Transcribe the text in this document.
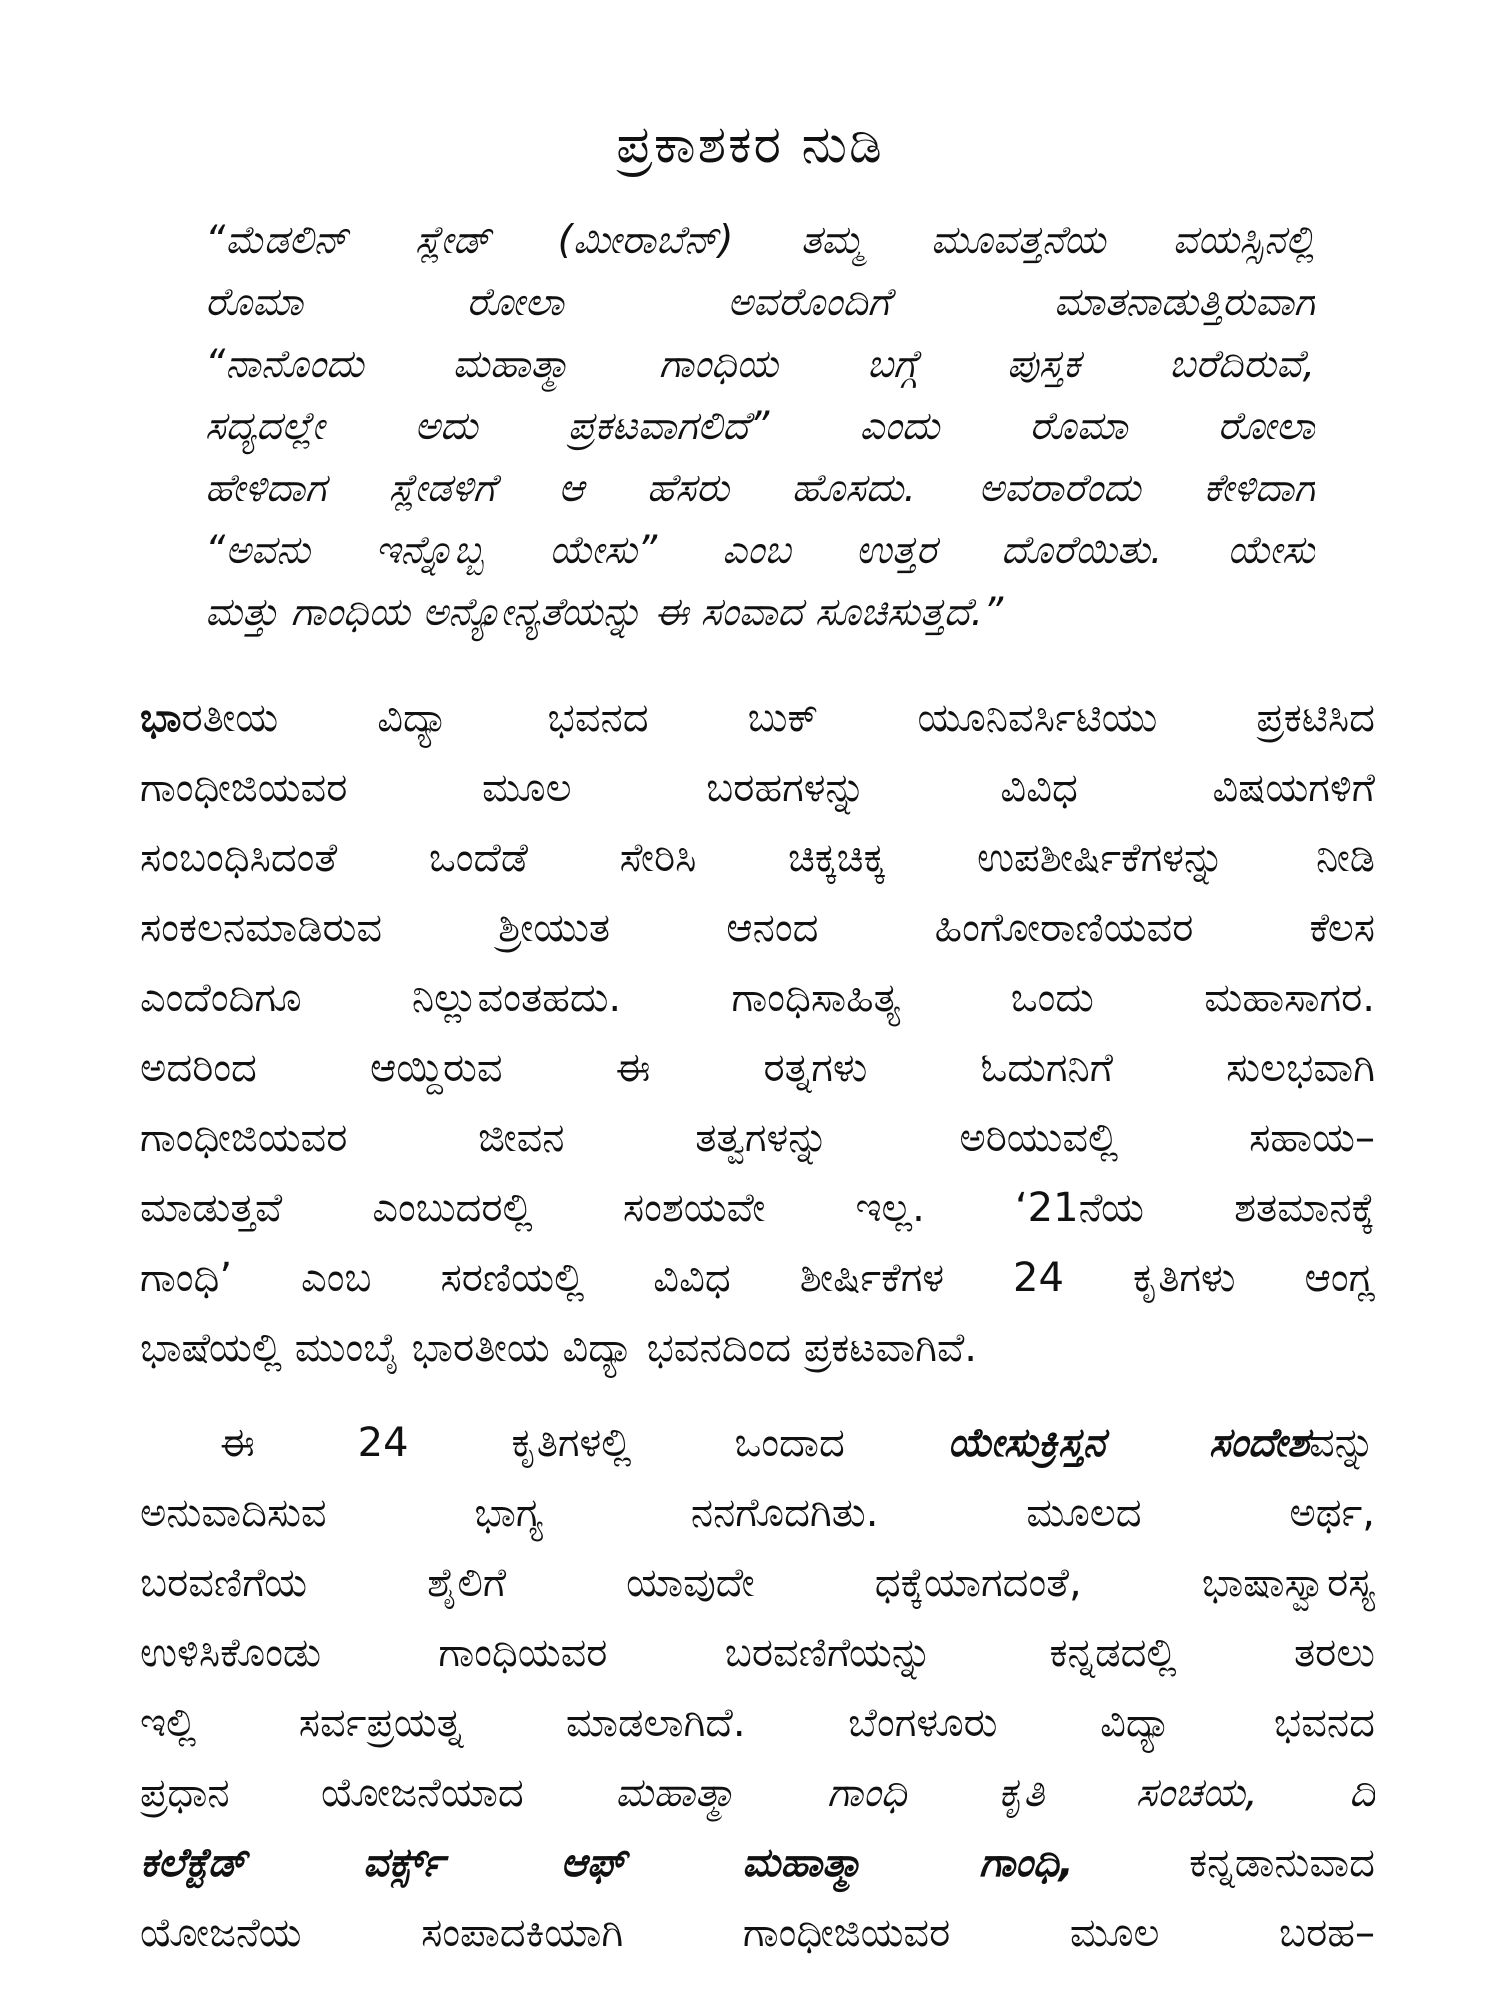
ಪ್ರಕಾಶಕರ ನುಡಿ
“ಮೆಡಲಿನ್ ಸ್ಲೇಡ್ (ಮೀರಾಬೆನ್) ತಮ್ಮ ಮೂವತ್ತನೆಯ ವಯಸ್ಸಿನಲ್ಲಿ
ರೊಮಾ ರೋಲಾ ಅವರೊಂದಿಗೆ ಮಾತನಾಡುತ್ತಿರುವಾಗ
“ನಾನೊಂದು ಮಹಾತ್ಮಾ ಗಾಂಧಿಯ ಬಗ್ಗೆ ಪುಸ್ತಕ ಬರೆದಿರುವೆ,
ಸದ್ಯದಲ್ಲೇ ಅದು ಪ್ರಕಟವಾಗಲಿದೆ” ಎಂದು ರೊಮಾ ರೋಲಾ
ಹೇಳಿದಾಗ ಸ್ಲೇಡಳಿಗೆ ಆ ಹೆಸರು ಹೊಸದು. ಅವರಾರೆಂದು ಕೇಳಿದಾಗ
“ಅವನು ಇನ್ನೊಬ್ಬ ಯೇಸು” ಎಂಬ ಉತ್ತರ ದೊರೆಯಿತು. ಯೇಸು
ಮತ್ತು ಗಾಂಧಿಯ ಅನ್ಯೋನ್ಯತೆಯನ್ನು ಈ ಸಂವಾದ ಸೂಚಿಸುತ್ತದೆ.”
ಭಾರತೀಯ ವಿದ್ಯಾ ಭವನದ ಬುಕ್ ಯೂನಿವರ್ಸಿಟಿಯು ಪ್ರಕಟಿಸಿದ
ಗಾಂಧೀಜಿಯವರ ಮೂಲ ಬರಹಗಳನ್ನು ವಿವಿಧ ವಿಷಯಗಳಿಗೆ
ಸಂಬಂಧಿಸಿದಂತೆ ಒಂದೆಡೆ ಸೇರಿಸಿ ಚಿಕ್ಕಚಿಕ್ಕ ಉಪಶೀರ್ಷಿಕೆಗಳನ್ನು ನೀಡಿ
ಸಂಕಲನಮಾಡಿರುವ ಶ್ರೀಯುತ ಆನಂದ ಹಿಂಗೋರಾಣಿಯವರ ಕೆಲಸ
ಎಂದೆಂದಿಗೂ ನಿಲ್ಲುವಂತಹದು. ಗಾಂಧಿಸಾಹಿತ್ಯ ಒಂದು ಮಹಾಸಾಗರ.
ಅದರಿಂದ ಆಯ್ದಿರುವ ಈ ರತ್ನಗಳು ಓದುಗನಿಗೆ ಸುಲಭವಾಗಿ
ಗಾಂಧೀಜಿಯವರ ಜೀವನ ತತ್ವಗಳನ್ನು ಅರಿಯುವಲ್ಲಿ ಸಹಾಯ–
ಮಾಡುತ್ತವೆ ಎಂಬುದರಲ್ಲಿ ಸಂಶಯವೇ ಇಲ್ಲ. ‘21ನೆಯ ಶತಮಾನಕ್ಕೆ
ಗಾಂಧಿ’ ಎಂಬ ಸರಣಿಯಲ್ಲಿ ವಿವಿಧ ಶೀರ್ಷಿಕೆಗಳ 24 ಕೃತಿಗಳು ಆಂಗ್ಲ
ಭಾಷೆಯಲ್ಲಿ ಮುಂಬೈ ಭಾರತೀಯ ವಿದ್ಯಾ ಭವನದಿಂದ ಪ್ರಕಟವಾಗಿವೆ.
ಈ 24 ಕೃತಿಗಳಲ್ಲಿ ಒಂದಾದ ಯೇಸುಕ್ರಿಸ್ತನ ಸಂದೇಶವನ್ನು
ಅನುವಾದಿಸುವ ಭಾಗ್ಯ ನನಗೊದಗಿತು. ಮೂಲದ ಅರ್ಥ,
ಬರವಣಿಗೆಯ ಶೈಲಿಗೆ ಯಾವುದೇ ಧಕ್ಕೆಯಾಗದಂತೆ, ಭಾಷಾಸ್ವಾರಸ್ಯ
ಉಳಿಸಿಕೊಂಡು ಗಾಂಧಿಯವರ ಬರವಣಿಗೆಯನ್ನು ಕನ್ನಡದಲ್ಲಿ ತರಲು
ಇಲ್ಲಿ ಸರ್ವಪ್ರಯತ್ನ ಮಾಡಲಾಗಿದೆ. ಬೆಂಗಳೂರು ವಿದ್ಯಾ ಭವನದ
ಪ್ರಧಾನ ಯೋಜನೆಯಾದ ಮಹಾತ್ಮಾ ಗಾಂಧಿ ಕೃತಿ ಸಂಚಯ, ದಿ
ಕಲೆಕ್ಟೆಡ್ ವರ್ಕ್ಸ್ ಆಫ್ ಮಹಾತ್ಮಾ ಗಾಂಧಿ, ಕನ್ನಡಾನುವಾದ
ಯೋಜನೆಯ ಸಂಪಾದಕಿಯಾಗಿ ಗಾಂಧೀಜಿಯವರ ಮೂಲ ಬರಹ–
